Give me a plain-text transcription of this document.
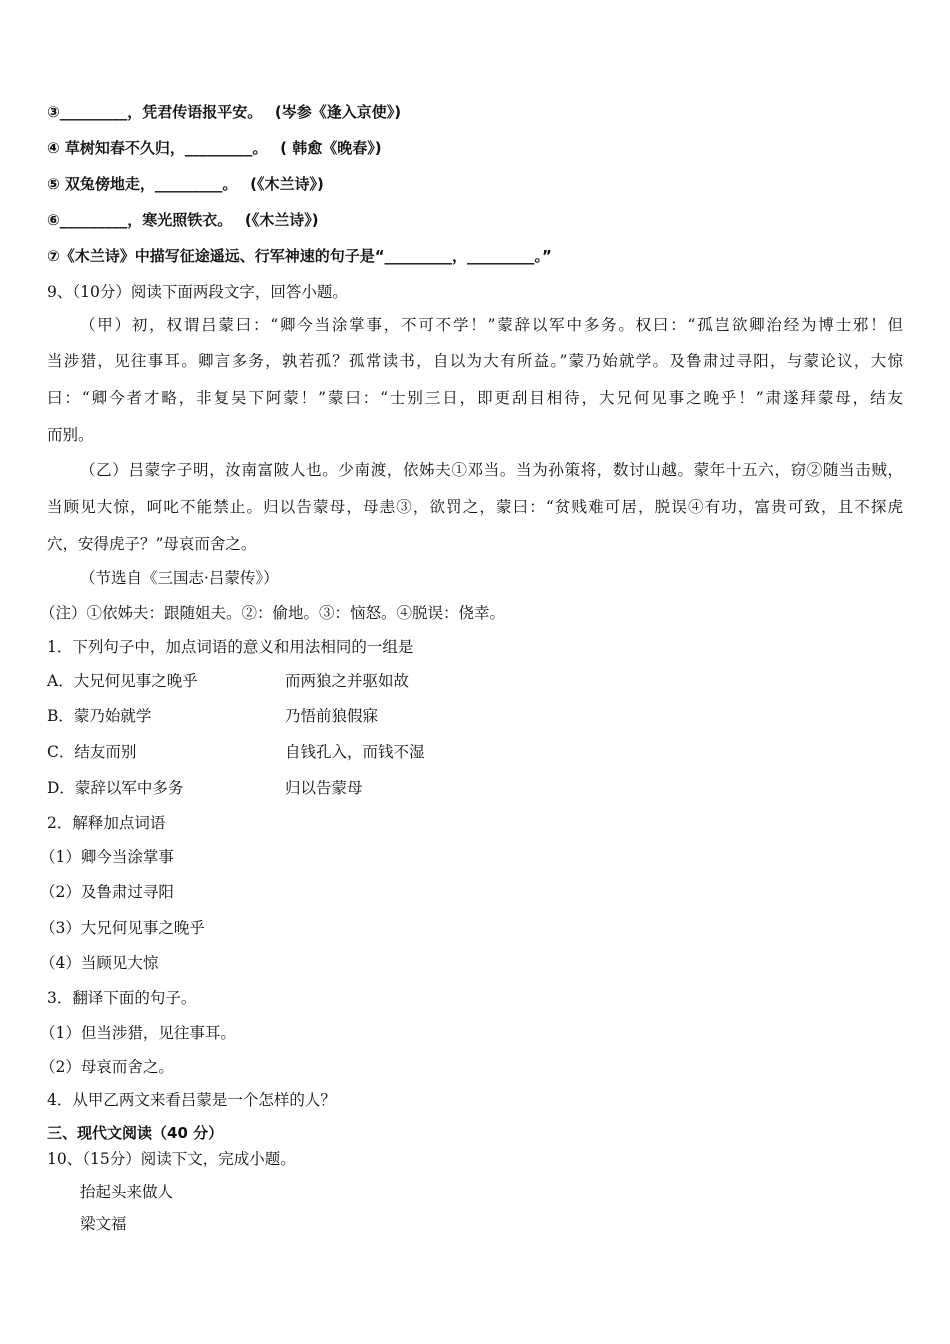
③_________，凭君传语报平安。　 (岑参《逢入京使》)
④ 草树知春不久归，_________。　 ( 韩愈《晚春》)
⑤ 双兔傍地走，_________。　 (《木兰诗》)
⑥_________，寒光照铁衣。　 (《木兰诗》)
⑦《木兰诗》中描写征途遥远、行军神速的句子是“_________，_________。”
9、（10分）阅读下面两段文字，回答小题。
（甲）初，权谓吕蒙曰：“卿今当涂掌事，不可不学！”蒙辞以军中多务。权曰：“孤岂欲卿治经为博士邪！但
当涉猎，见往事耳。卿言多务，孰若孤？孤常读书，自以为大有所益。”蒙乃始就学。及鲁肃过寻阳，与蒙论议，大惊
曰：“卿今者才略，非复吴下阿蒙！”蒙曰：“士别三日，即更刮目相待，大兄何见事之晚乎！”肃遂拜蒙母，结友
而别。
（乙）吕蒙字子明，汝南富陂人也。少南渡，依姊夫①邓当。当为孙策将，数讨山越。蒙年十五六，窃②随当击贼，
当顾见大惊，呵叱不能禁止。归以告蒙母，母恚③，欲罚之，蒙曰：“贫贱难可居，脱误④有功，富贵可致，且不探虎
穴，安得虎子？”母哀而舍之。
（节选自《三国志·吕蒙传》）
（注）①依姊夫：跟随姐夫。②：偷地。③：恼怒。④脱误：侥幸。
1．下列句子中，加点词语的意义和用法相同的一组是
A．大兄何见事之晚乎	而两狼之并驱如故
B．蒙乃始就学	乃悟前狼假寐
C．结友而别	自钱孔入，而钱不湿
D．蒙辞以军中多务	归以告蒙母
2．解释加点词语
（1）卿今当涂掌事
（2）及鲁肃过寻阳
（3）大兄何见事之晚乎
（4）当顾见大惊
3．翻译下面的句子。
（1）但当涉猎，见往事耳。
（2）母哀而舍之。
4．从甲乙两文来看吕蒙是一个怎样的人？
三、现代文阅读（40 分）
10、（15分）阅读下文，完成小题。
抬起头来做人
梁文福
